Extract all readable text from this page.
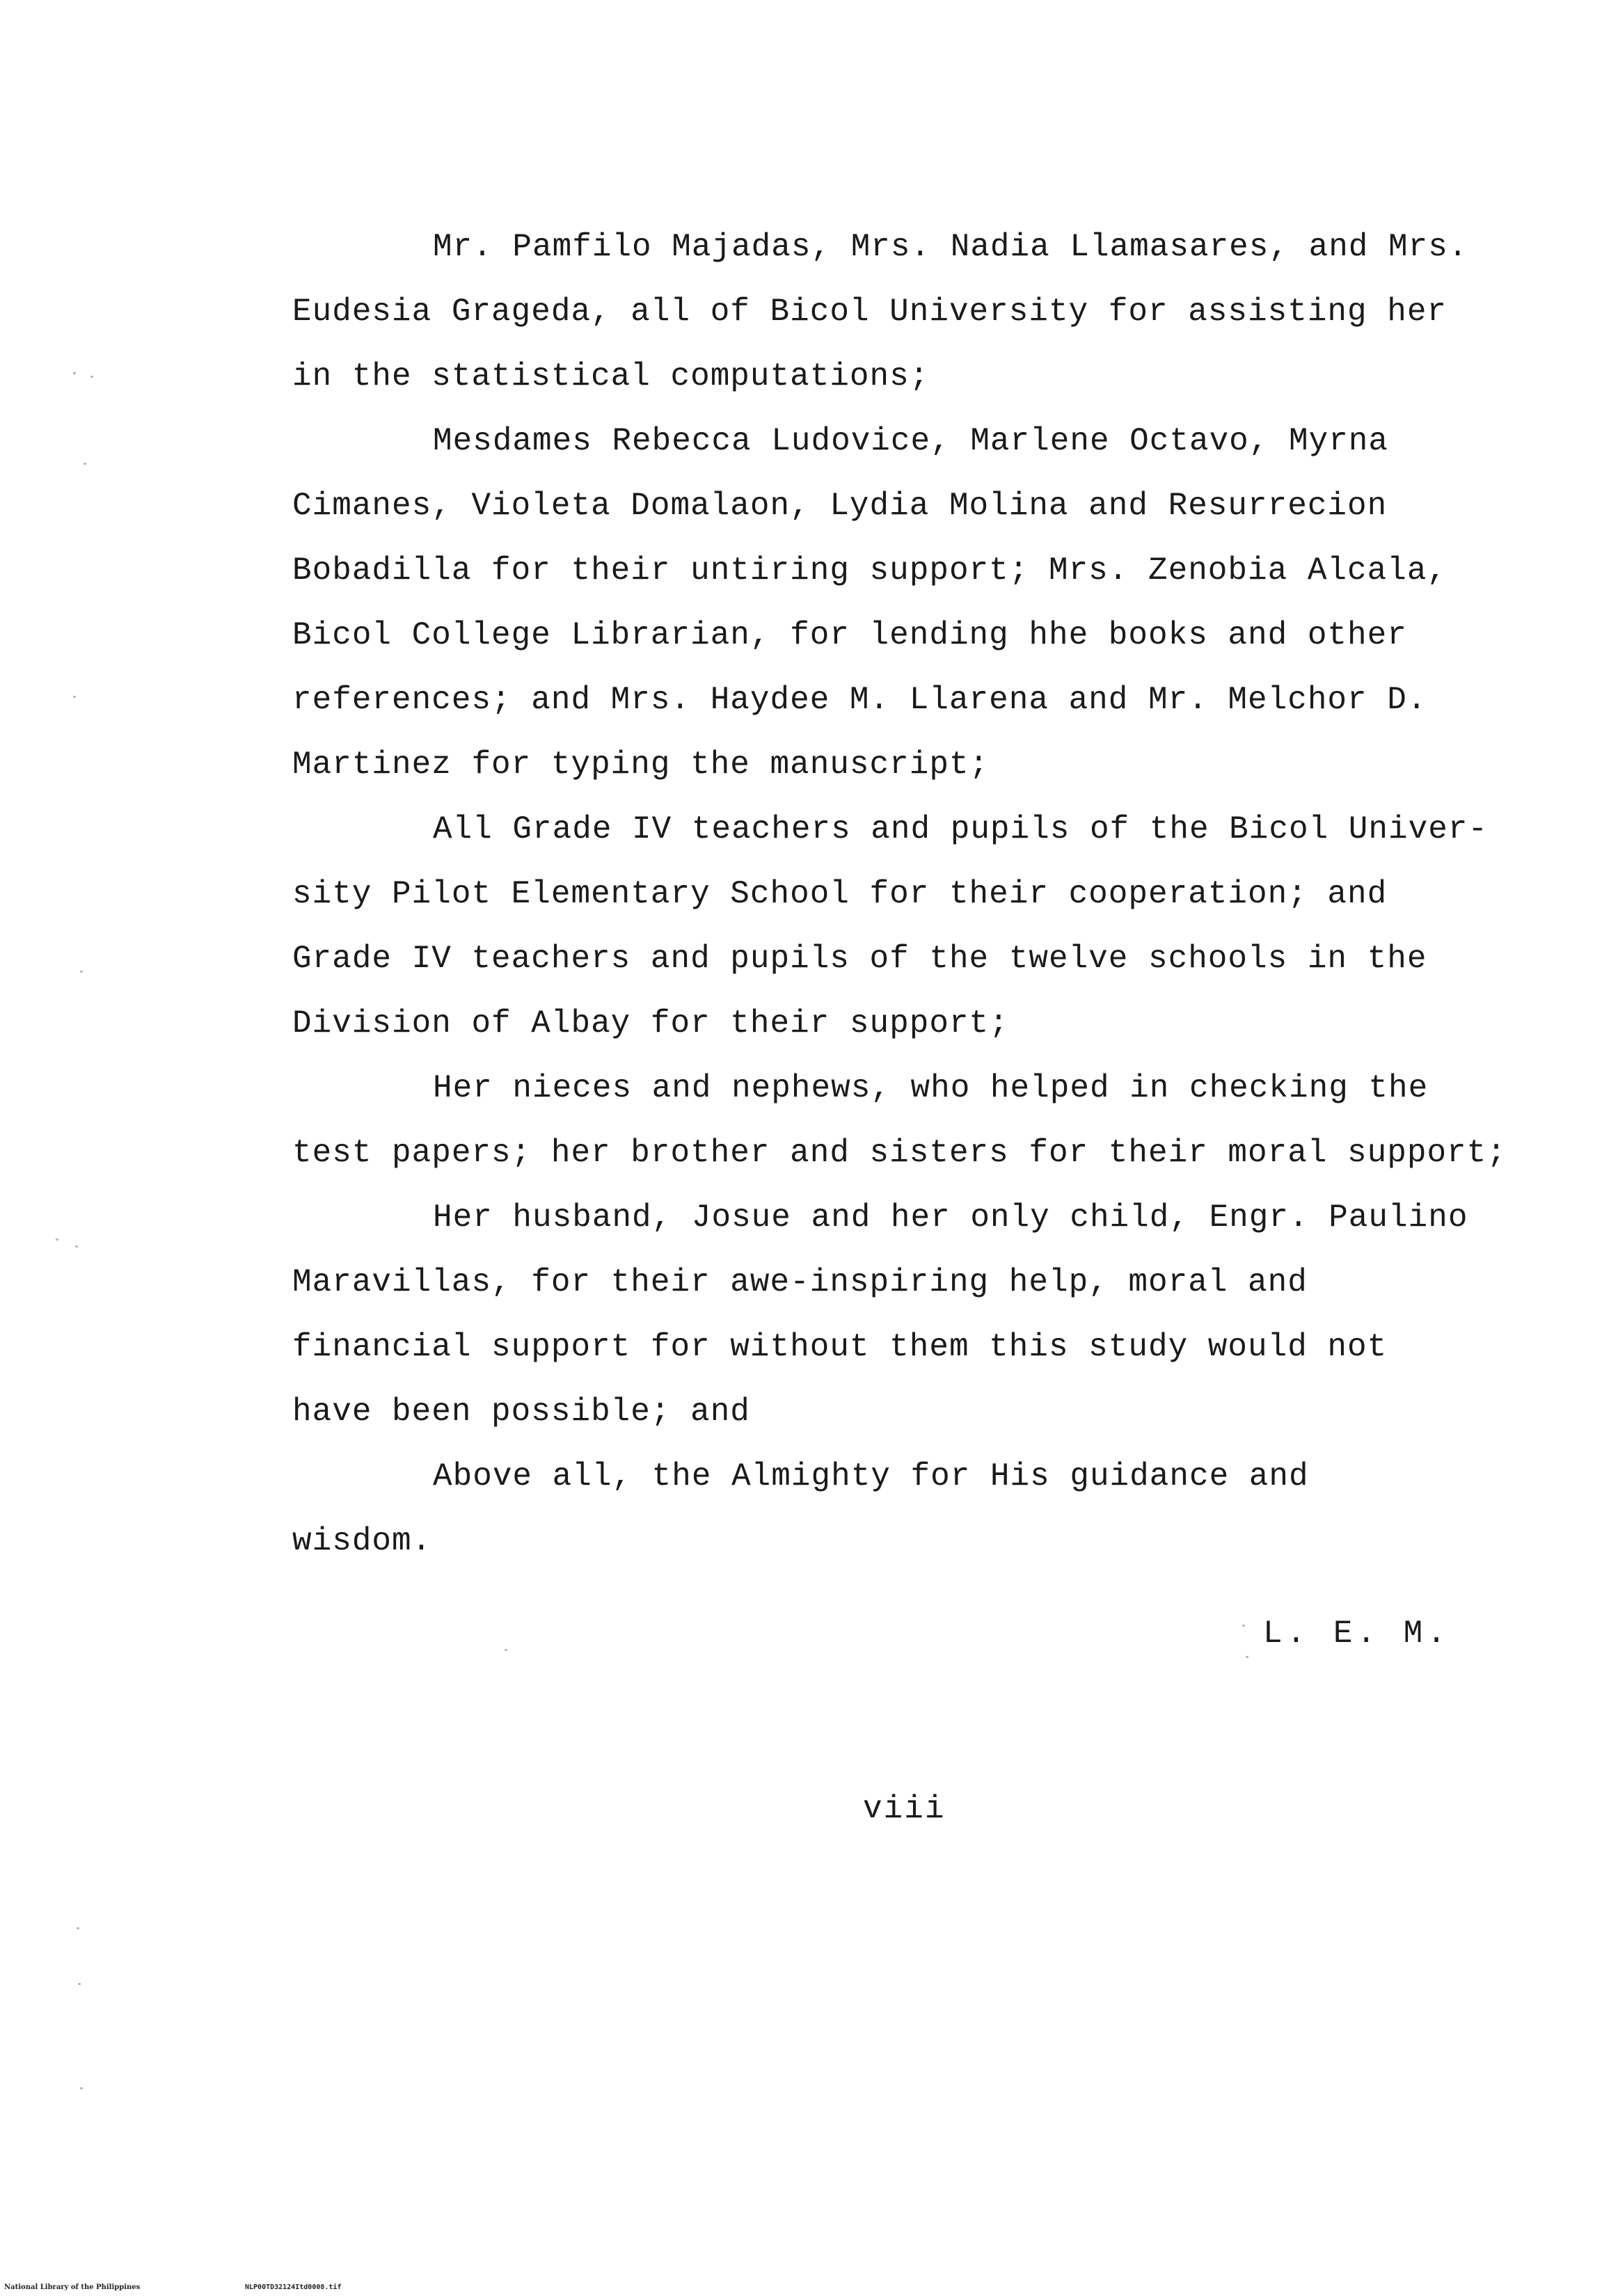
Mr. Pamfilo Majadas, Mrs. Nadia Llamasares, and Mrs.
Eudesia Grageda, all of Bicol University for assisting her
in the statistical computations;
Mesdames Rebecca Ludovice, Marlene Octavo, Myrna
Cimanes, Violeta Domalaon, Lydia Molina and Resurrecion
Bobadilla for their untiring support; Mrs. Zenobia Alcala,
Bicol College Librarian, for lending hhe books and other
references; and Mrs. Haydee M. Llarena and Mr. Melchor D.
Martinez for typing the manuscript;
All Grade IV teachers and pupils of the Bicol Univer-
sity Pilot Elementary School for their cooperation; and
Grade IV teachers and pupils of the twelve schools in the
Division of Albay for their support;
Her nieces and nephews, who helped in checking the
test papers; her brother and sisters for their moral support;
Her husband, Josue and her only child, Engr. Paulino
Maravillas, for their awe-inspiring help, moral and
financial support for without them this study would not
have been possible; and
Above all, the Almighty for His guidance and
wisdom.
L. E. M.
viii
National Library of the Philippines	NLP00TD32124Itd0008.tif
